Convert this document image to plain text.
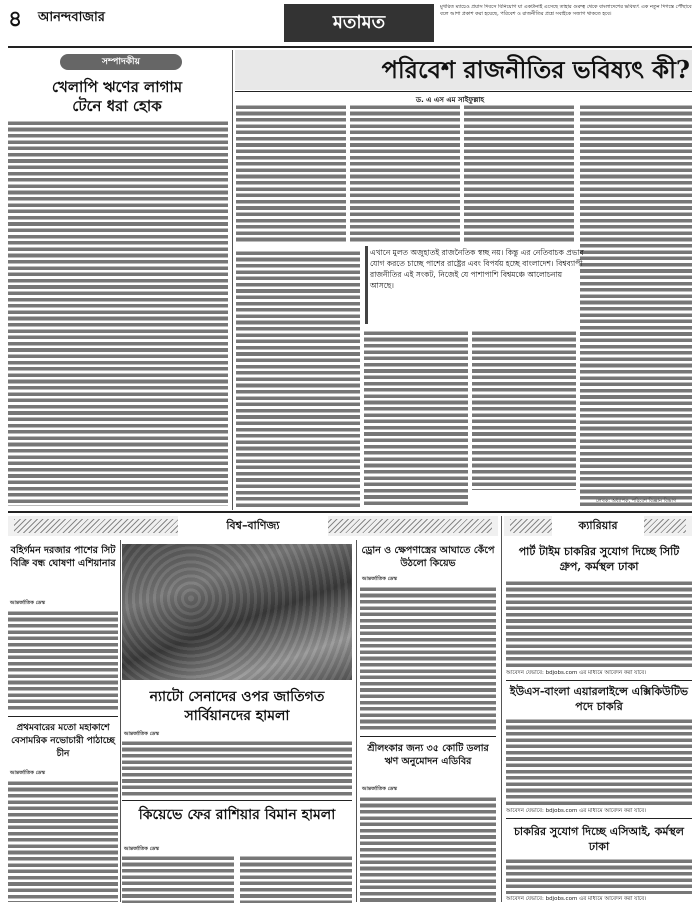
৪	আনন্দবাজার	মতামত
মুখরিত ম্যাচেও প্রয়াস দিবসে বিনিয়োগ যা একটানাই এসেছে তাহার গুরুত্ব থেকে বাংলাদেশের ভবিষ্যৎ এক নতুন দিগন্তে পৌঁছাবে বলে আশা প্রকাশ করা হয়েছে, পরিবেশ ও রাজনীতির প্রশ্নে সবাইকে সজাগ থাকতে হবে।
সম্পাদকীয়
খেলাপি ঋণের লাগাম
টেনে ধরা হোক
পরিবেশ রাজনীতির ভবিষ্যৎ কী?
ড. এ এস এম সাইফুল্লাহ
এখানে মুলত অজুহাতই রাজনৈতিক স্বচ্ছ নয়। কিন্তু এর নেতিবাচক প্রভাব যোগ করতে চাচ্ছে পাশের রাষ্ট্রের এবং বিপর্যয় হচ্ছে বাংলাদেশ। বিশ্বব্যাপী রাজনীতির এই সংকট, নিজেই যে পাশাপাশি বিশ্বমঞ্চে আলোচনায় আসছে।
লেখক: অধ্যাপক, পরিবেশ বিজ্ঞান বিভাগ
বিশ্ব–বাণিজ্য	ক্যারিয়ার
বহির্গমন দরজার পাশের সিট বিক্রি বন্ধ ঘোষণা এশিয়ানার
আন্তর্জাতিক ডেস্ক
প্রথমবারের মতো মহাকাশে বেসামরিক নভোচারী পাঠাচ্ছে চীন
আন্তর্জাতিক ডেস্ক
ন্যাটো সেনাদের ওপর জাতিগত সার্বিয়ানদের হামলা
আন্তর্জাতিক ডেস্ক
কিয়েভে ফের রাশিয়ার বিমান হামলা
আন্তর্জাতিক ডেস্ক
ড্রোন ও ক্ষেপণাস্ত্রের আঘাতে কেঁপে উঠলো কিয়েভ
আন্তর্জাতিক ডেস্ক
শ্রীলংকার জন্য ৩৫ কোটি ডলার ঋণ অনুমোদন এডিবির
আন্তর্জাতিক ডেস্ক
পার্ট টাইম চাকরির সুযোগ দিচ্ছে সিটি গ্রুপ, কর্মস্থল ঢাকা
আবেদন যেভাবে: bdjobs.com এর মাধ্যমে আবেদন করা যাবে।
ইউএস-বাংলা এয়ারলাইন্সে এক্সিকিউটিভ পদে চাকরি
আবেদন যেভাবে: bdjobs.com এর মাধ্যমে আবেদন করা যাবে।
চাকরির সুযোগ দিচ্ছে এসিআই, কর্মস্থল ঢাকা
আবেদন যেভাবে: bdjobs.com এর মাধ্যমে আবেদন করা যাবে।
